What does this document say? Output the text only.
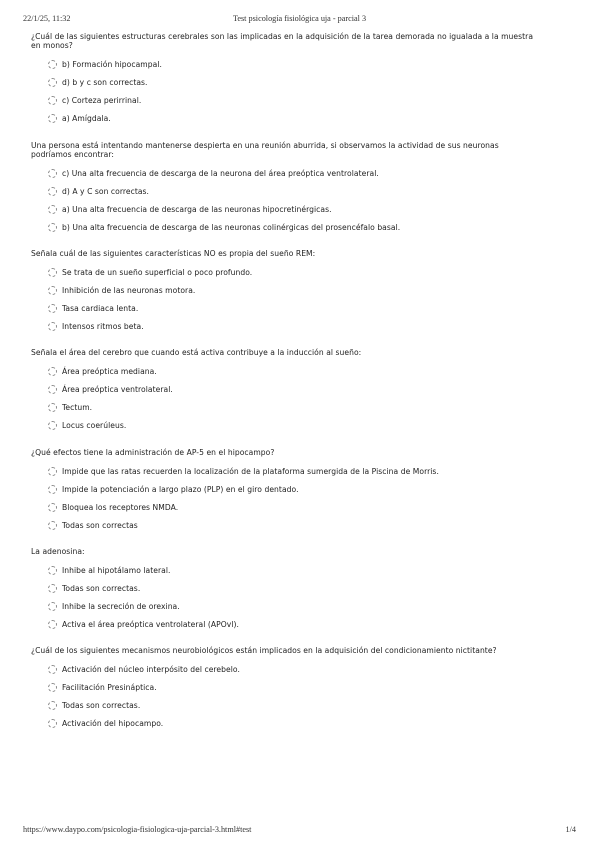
22/1/25, 11:32	Test psicología fisiológica uja - parcial 3
¿Cuál de las siguientes estructuras cerebrales son las implicadas en la adquisición de la tarea demorada no igualada a la muestra en monos?
b) Formación hipocampal.
d) b y c son correctas.
c) Corteza perirrinal.
a) Amígdala.
Una persona está intentando mantenerse despierta en una reunión aburrida, si observamos la actividad de sus neuronas podríamos encontrar:
c) Una alta frecuencia de descarga de la neurona del área preóptica ventrolateral.
d) A y C son correctas.
a) Una alta frecuencia de descarga de las neuronas hipocretinérgicas.
b) Una alta frecuencia de descarga de las neuronas colinérgicas del prosencéfalo basal.
Señala cuál de las siguientes características NO es propia del sueño REM:
Se trata de un sueño superficial o poco profundo.
Inhibición de las neuronas motora.
Tasa cardiaca lenta.
Intensos ritmos beta.
Señala el área del cerebro que cuando está activa contribuye a la inducción al sueño:
Área preóptica mediana.
Área preóptica ventrolateral.
Tectum.
Locus coerúleus.
¿Qué efectos tiene la administración de AP-5 en el hipocampo?
Impide que las ratas recuerden la localización de la plataforma sumergida de la Piscina de Morris.
Impide la potenciación a largo plazo (PLP) en el giro dentado.
Bloquea los receptores NMDA.
Todas son correctas
La adenosina:
Inhibe al hipotálamo lateral.
Todas son correctas.
Inhibe la secreción de orexina.
Activa el área preóptica ventrolateral (APOvl).
¿Cuál de los siguientes mecanismos neurobiológicos están implicados en la adquisición del condicionamiento nictitante?
Activación del núcleo interpósito del cerebelo.
Facilitación Presináptica.
Todas son correctas.
Activación del hipocampo.
https://www.daypo.com/psicologia-fisiologica-uja-parcial-3.html#test	1/4
